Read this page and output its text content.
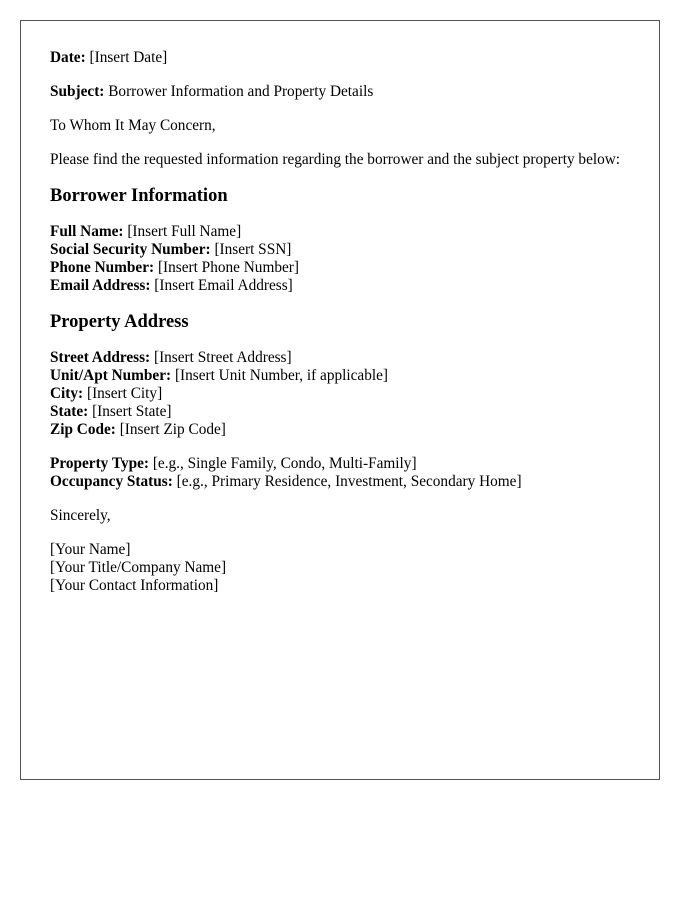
Date: [Insert Date]

Subject: Borrower Information and Property Details

To Whom It May Concern,

Please find the requested information regarding the borrower and the subject property below:

Borrower Information
Full Name: [Insert Full Name]
Social Security Number: [Insert SSN]
Phone Number: [Insert Phone Number]
Email Address: [Insert Email Address]
Property Address
Street Address: [Insert Street Address]
Unit/Apt Number: [Insert Unit Number, if applicable]
City: [Insert City]
State: [Insert State]
Zip Code: [Insert Zip Code]
Property Type: [e.g., Single Family, Condo, Multi-Family]
Occupancy Status: [e.g., Primary Residence, Investment, Secondary Home]

Sincerely,

[Your Name]
[Your Title/Company Name]
[Your Contact Information]
